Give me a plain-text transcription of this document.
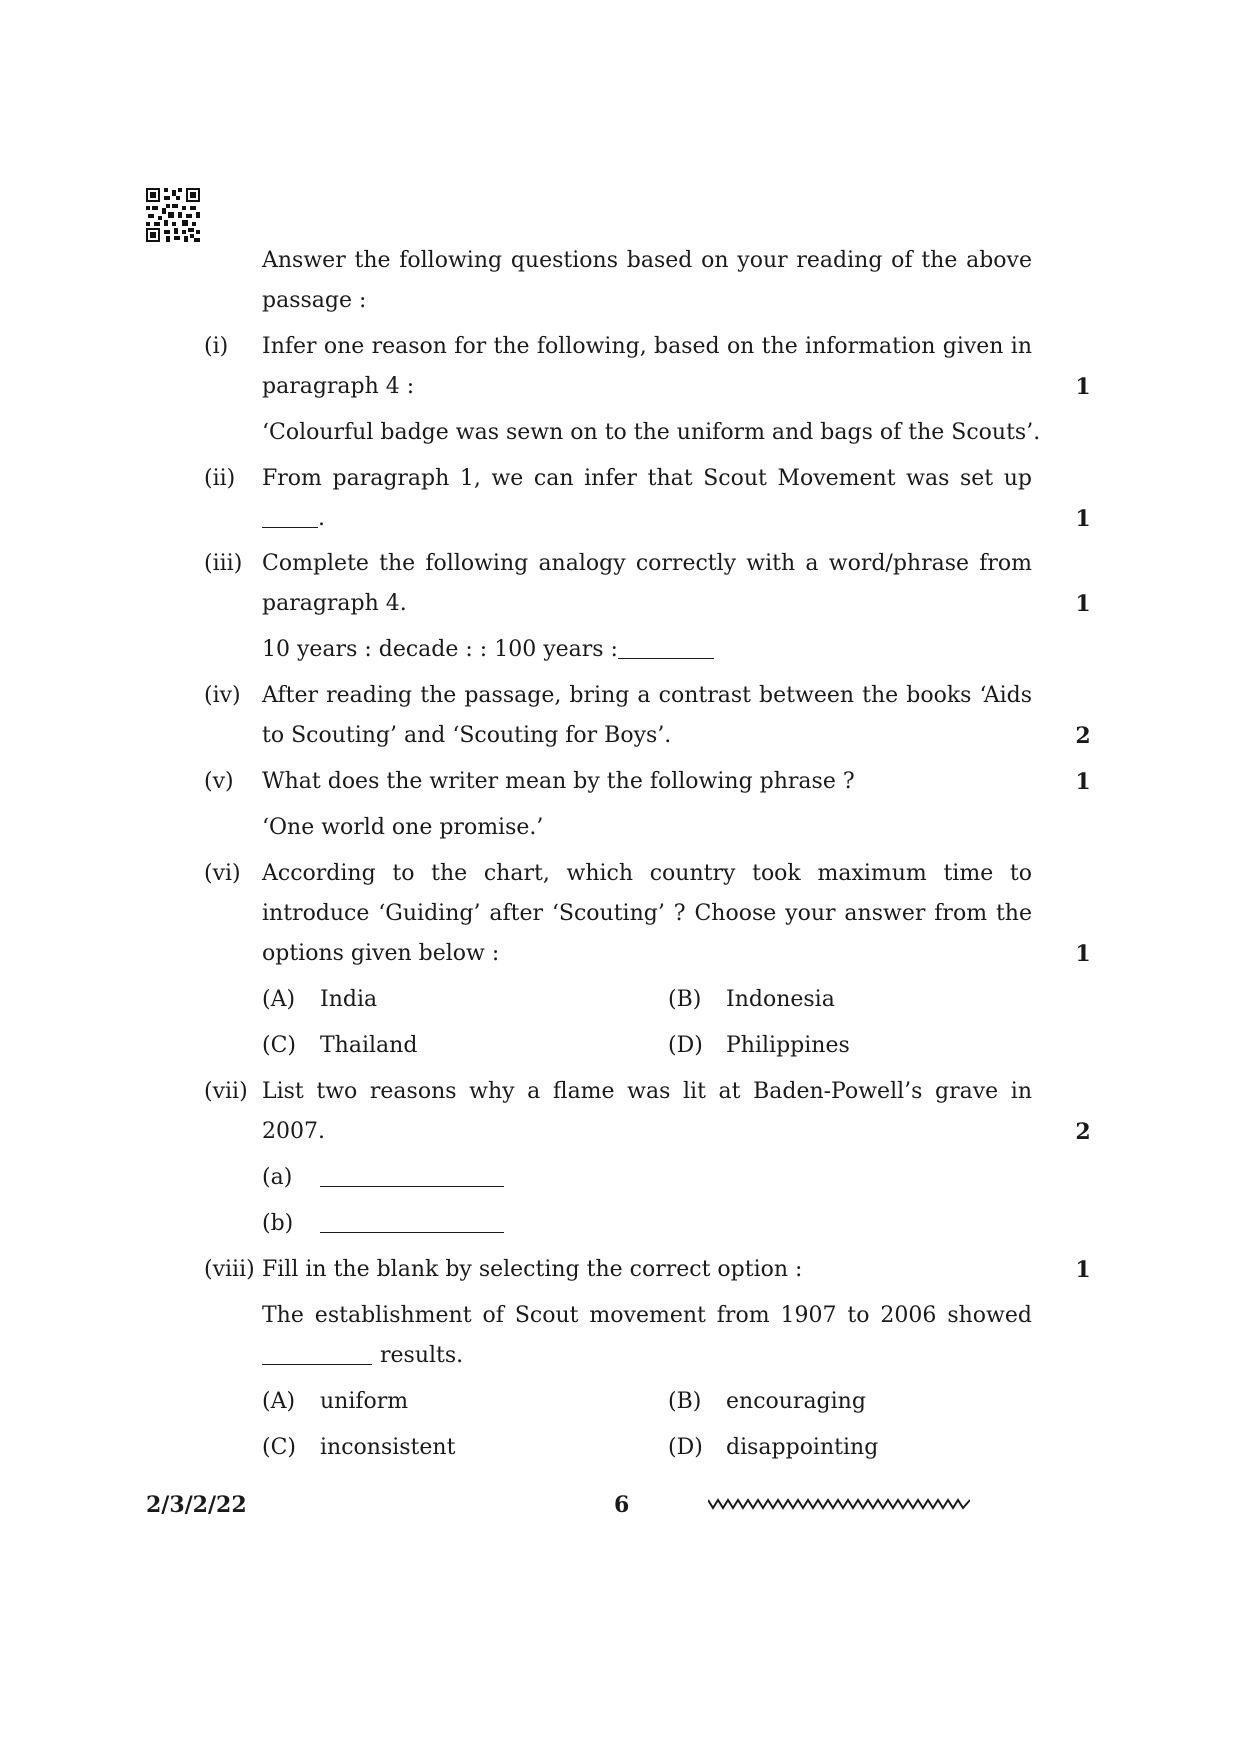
Answer the following questions based on your reading of the above
passage :
(i) Infer one reason for the following, based on the information given in
paragraph 4 :	1
‘Colourful badge was sewn on to the uniform and bags of the Scouts’.
(ii) From paragraph 1, we can infer that Scout Movement was set up
.	1
(iii) Complete the following analogy correctly with a word/phrase from
paragraph 4.	1
10 years : decade : : 100 years :
(iv) After reading the passage, bring a contrast between the books ‘Aids
to Scouting’ and ‘Scouting for Boys’.	2
(v) What does the writer mean by the following phrase ?	1
‘One world one promise.’
(vi) According to the chart, which country took maximum time to
introduce ‘Guiding’ after ‘Scouting’ ? Choose your answer from the
options given below :	1
(A) India	(B) Indonesia
(C) Thailand	(D) Philippines
(vii) List two reasons why a flame was lit at Baden-Powell’s grave in
2007.	2
(a)
(b)
(viii) Fill in the blank by selecting the correct option :	1
The establishment of Scout movement from 1907 to 2006 showed
results.
(A) uniform	(B) encouraging
(C) inconsistent	(D) disappointing
2/3/2/22	6
